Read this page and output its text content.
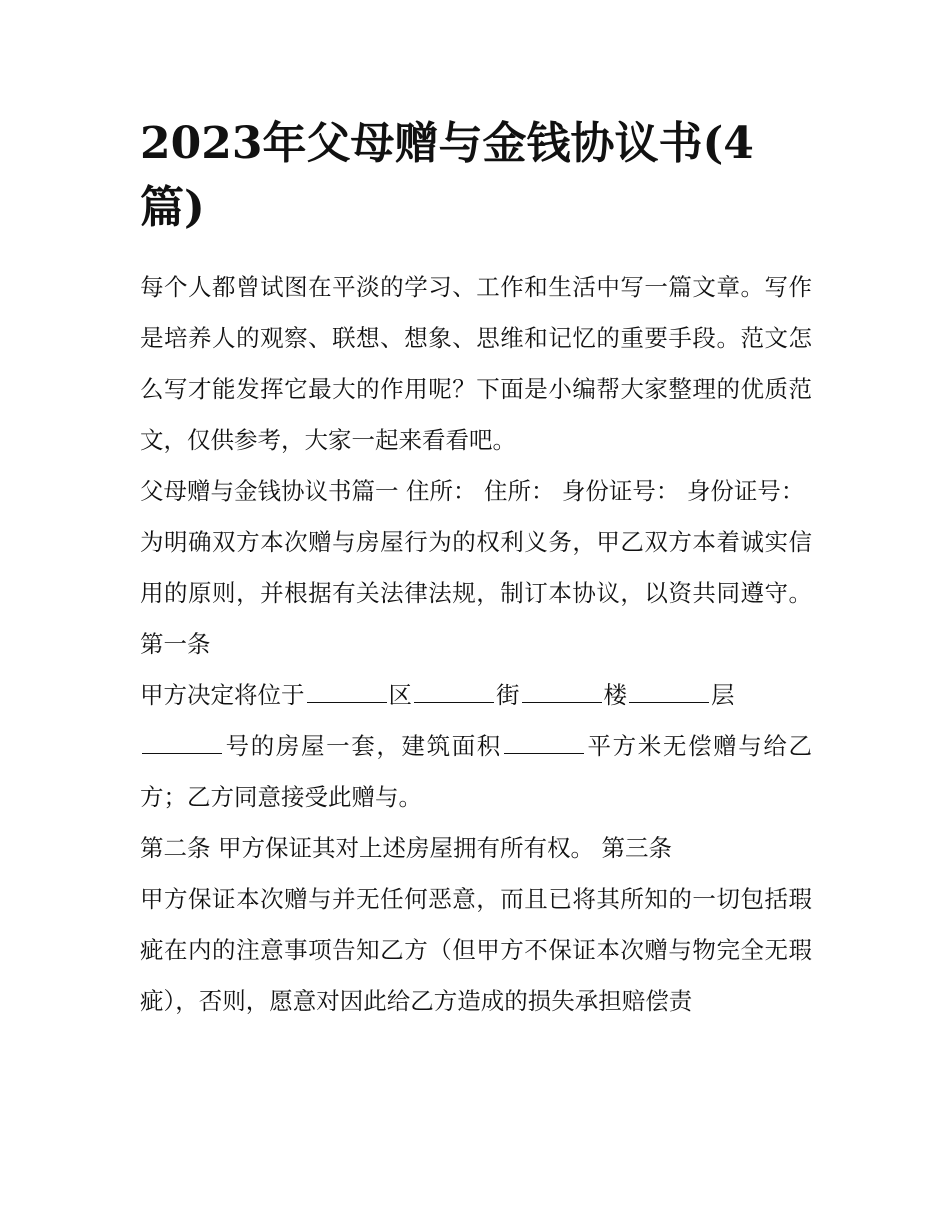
2023年父母赠与金钱协议书(4篇)

每个人都曾试图在平淡的学习、工作和生活中写一篇文章。写作是培养人的观察、联想、想象、思维和记忆的重要手段。范文怎么写才能发挥它最大的作用呢？下面是小编帮大家整理的优质范文，仅供参考，大家一起来看看吧。

父母赠与金钱协议书篇一 住所： 住所： 身份证号： 身份证号：

为明确双方本次赠与房屋行为的权利义务，甲乙双方本着诚实信用的原则，并根据有关法律法规，制订本协议，以资共同遵守。 第一条

甲方决定将位于	区	街	楼	层
号的房屋一套，建筑面积	平方米无偿赠与给乙方；乙方同意接受此赠与。

第二条 甲方保证其对上述房屋拥有所有权。 第三条

甲方保证本次赠与并无任何恶意，而且已将其所知的一切包括瑕疵在内的注意事项告知乙方（但甲方不保证本次赠与物完全无瑕疵），否则，愿意对因此给乙方造成的损失承担赔偿责
